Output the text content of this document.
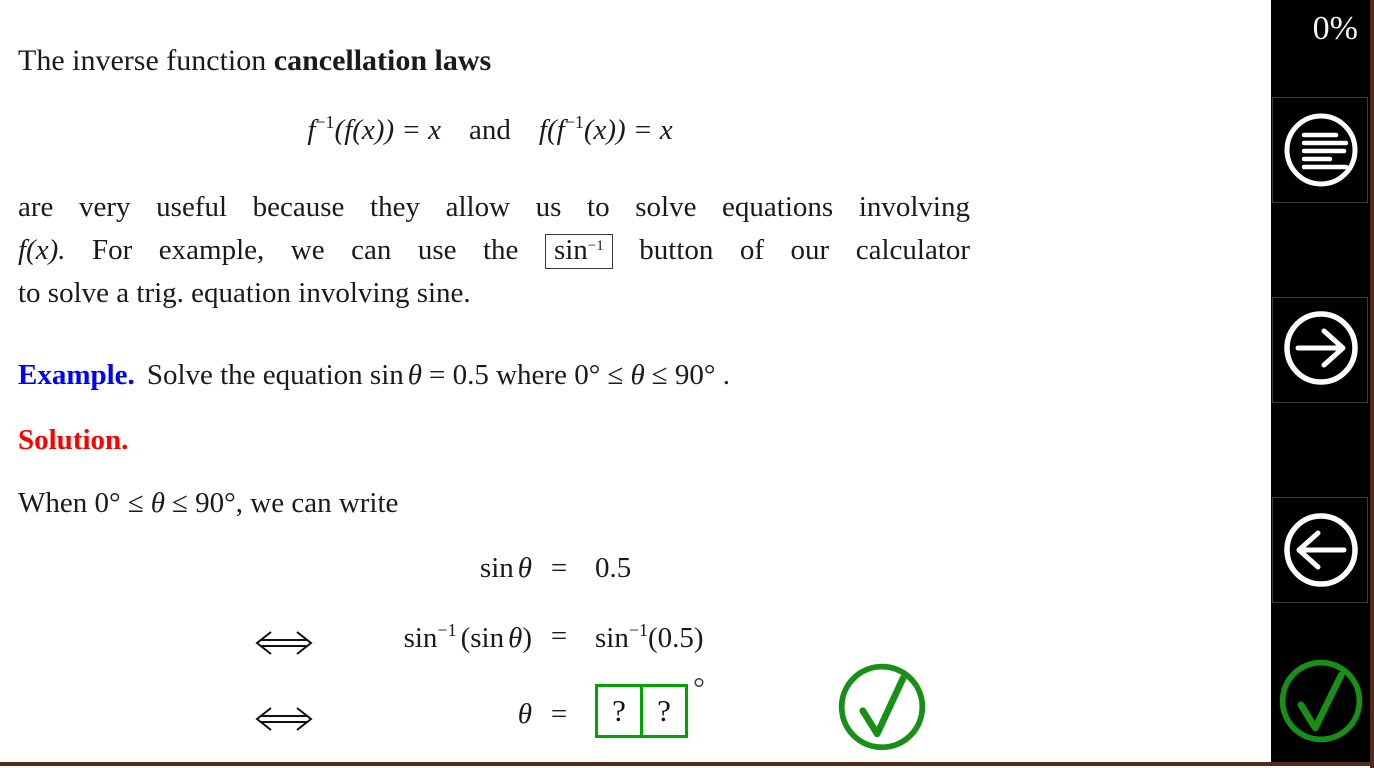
The inverse function cancellation laws
$f^{-1}(f(x)) = x$ and $f(f^{-1}(x)) = x$
are very useful because they allow us to solve equations involving
f(x). For example, we can use the $\sin^{-1}$ button of our calculator
to solve a trig. equation involving sine.
Example. Solve the equation sin θ = 0.5 where 0° ≤ θ ≤ 90° .
Solution.
When 0° ≤ θ ≤ 90°, we can write
sin θ = 0.5
$\sin^{-1} (\sin$ $\theta) = \sin^{-1}(0.5)$
θ =	? ?°
0%
